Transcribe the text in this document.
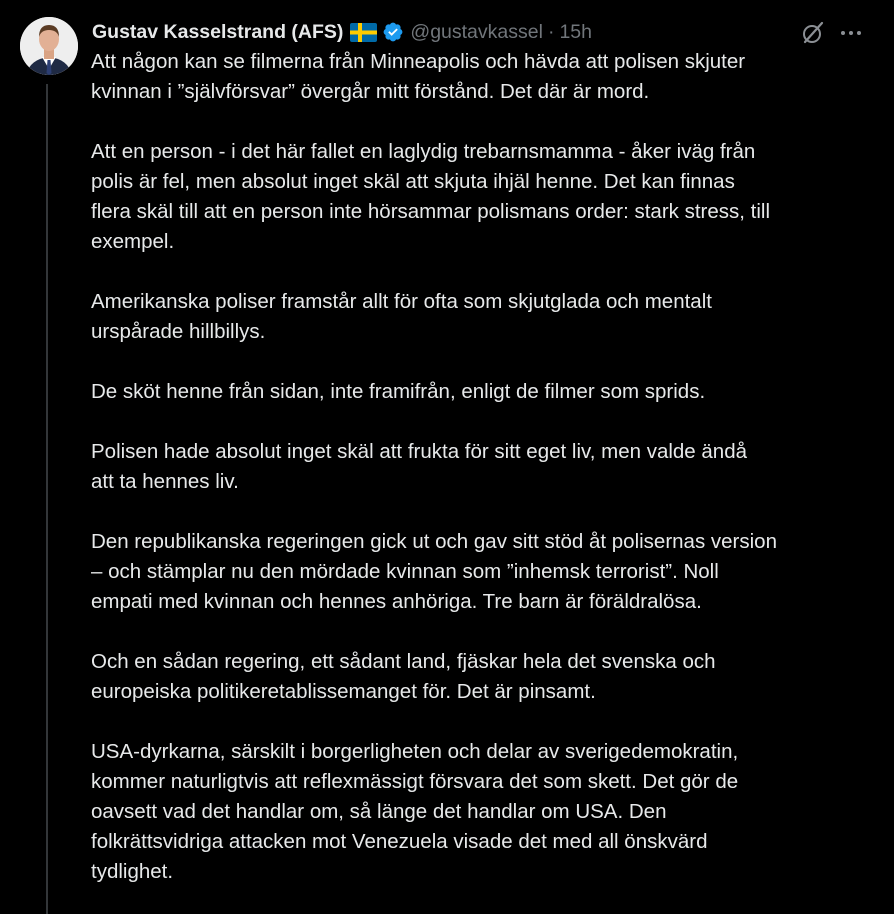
Gustav Kasselstrand (AFS)	@gustavkassel · 15h

Att någon kan se filmerna från Minneapolis och hävda att polisen skjuter
kvinnan i ”självförsvar” övergår mitt förstånd. Det där är mord.

Att en person - i det här fallet en laglydig trebarnsmamma - åker iväg från
polis är fel, men absolut inget skäl att skjuta ihjäl henne. Det kan finnas
flera skäl till att en person inte hörsammar polismans order: stark stress, till
exempel.

Amerikanska poliser framstår allt för ofta som skjutglada och mentalt
urspårade hillbillys.

De sköt henne från sidan, inte framifrån, enligt de filmer som sprids.

Polisen hade absolut inget skäl att frukta för sitt eget liv, men valde ändå
att ta hennes liv.

Den republikanska regeringen gick ut och gav sitt stöd åt polisernas version
– och stämplar nu den mördade kvinnan som ”inhemsk terrorist”. Noll
empati med kvinnan och hennes anhöriga. Tre barn är föräldralösa.

Och en sådan regering, ett sådant land, fjäskar hela det svenska och
europeiska politikeretablissemanget för. Det är pinsamt.

USA-dyrkarna, särskilt i borgerligheten och delar av sverigedemokratin,
kommer naturligtvis att reflexmässigt försvara det som skett. Det gör de
oavsett vad det handlar om, så länge det handlar om USA. Den
folkrättsvidriga attacken mot Venezuela visade det med all önskvärd
tydlighet.
